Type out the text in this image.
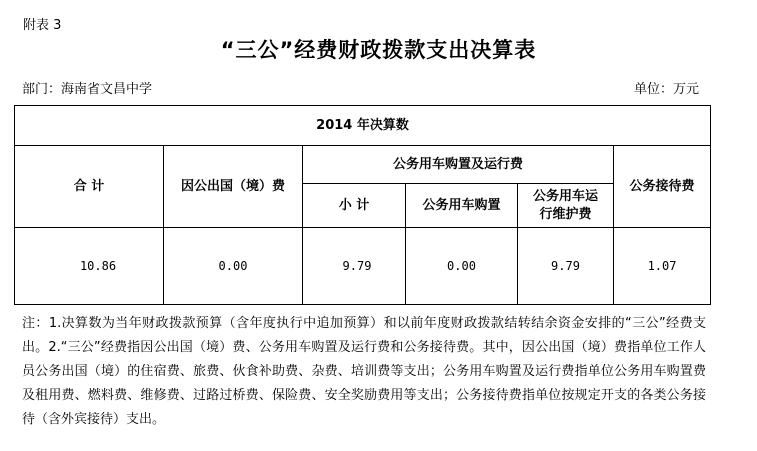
附表 3
“三公”经费财政拨款支出决算表
部门：海南省文昌中学	单位：万元
2014 年决算数					
合 计	因公出国（境）费	公务用车购置及运行费			公务接待费
		小 计	公务用车购置	公务用车运行维护费	
10.86	0.00	9.79	0.00	9.79	1.07
注：1.决算数为当年财政拨款预算（含年度执行中追加预算）和以前年度财政拨款结转结余资金安排的“三公”经费支出。2.“三公”经费指因公出国（境）费、公务用车购置及运行费和公务接待费。其中，因公出国（境）费指单位工作人员公务出国（境）的住宿费、旅费、伙食补助费、杂费、培训费等支出；公务用车购置及运行费指单位公务用车购置费及租用费、燃料费、维修费、过路过桥费、保险费、安全奖励费用等支出；公务接待费指单位按规定开支的各类公务接待（含外宾接待）支出。
